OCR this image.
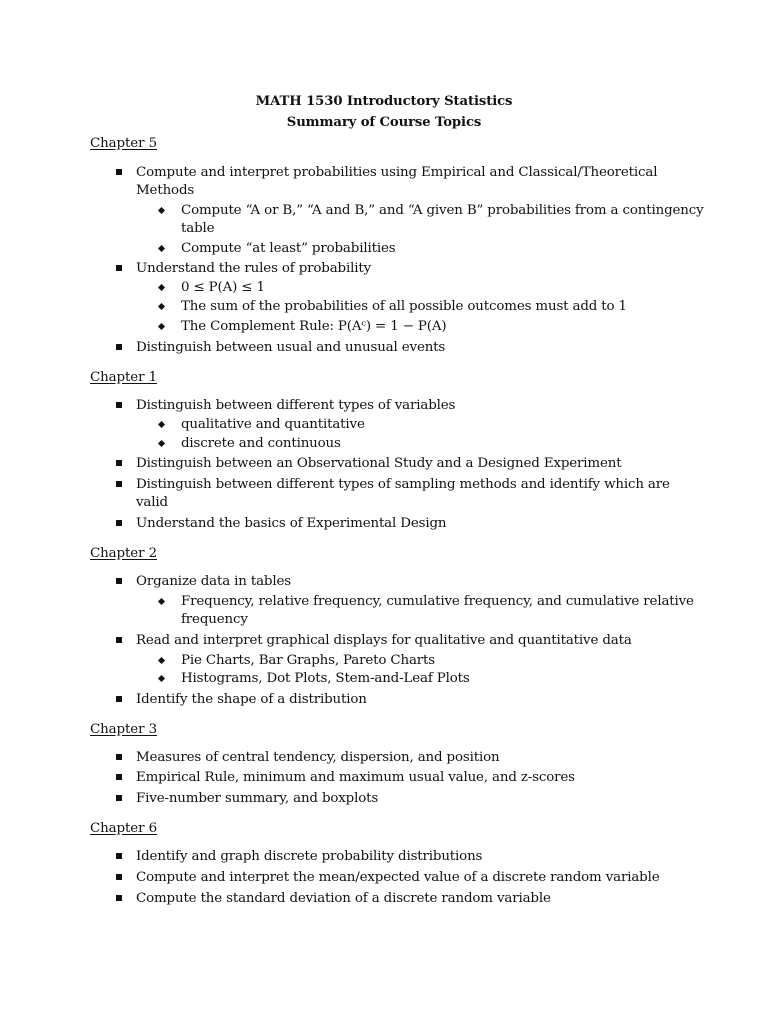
MATH 1530 Introductory Statistics
Summary of Course Topics
Chapter 5
Compute and interpret probabilities using Empirical and Classical/Theoretical
Methods
Compute “A or B,” “A and B,” and “A given B” probabilities from a contingency
table
Compute “at least” probabilities
Understand the rules of probability
0 ≤ P(A) ≤ 1
The sum of the probabilities of all possible outcomes must add to 1
The Complement Rule: P(Aᶜ) = 1 − P(A)
Distinguish between usual and unusual events
Chapter 1
Distinguish between different types of variables
qualitative and quantitative
discrete and continuous
Distinguish between an Observational Study and a Designed Experiment
Distinguish between different types of sampling methods and identify which are
valid
Understand the basics of Experimental Design
Chapter 2
Organize data in tables
Frequency, relative frequency, cumulative frequency, and cumulative relative
frequency
Read and interpret graphical displays for qualitative and quantitative data
Pie Charts, Bar Graphs, Pareto Charts
Histograms, Dot Plots, Stem-and-Leaf Plots
Identify the shape of a distribution
Chapter 3
Measures of central tendency, dispersion, and position
Empirical Rule, minimum and maximum usual value, and z-scores
Five-number summary, and boxplots
Chapter 6
Identify and graph discrete probability distributions
Compute and interpret the mean/expected value of a discrete random variable
Compute the standard deviation of a discrete random variable
